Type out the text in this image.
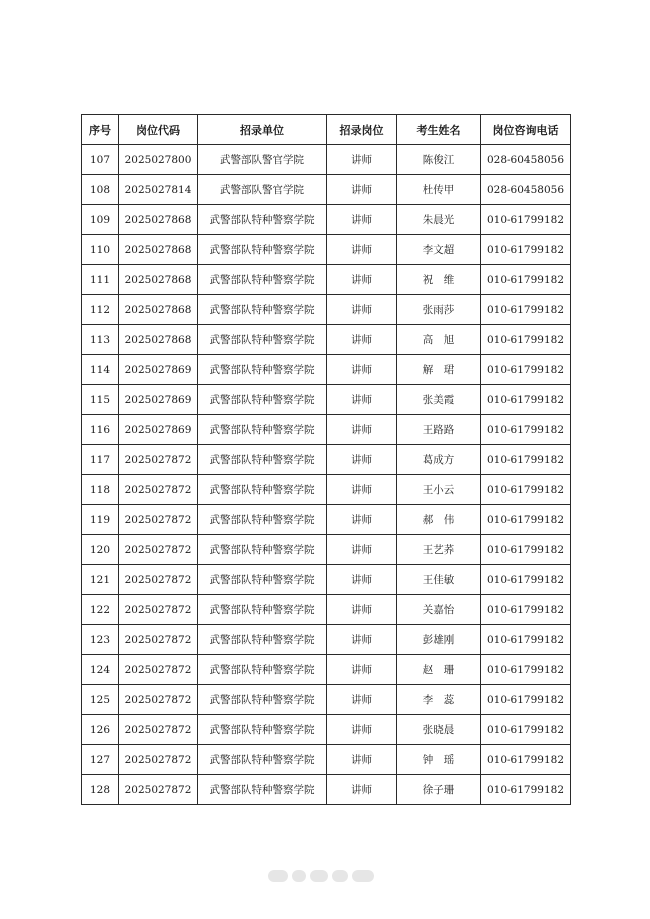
序号	岗位代码	招录单位	招录岗位	考生姓名	岗位咨询电话
107	2025027800	武警部队警官学院	讲师	陈俊江	028-60458056
108	2025027814	武警部队警官学院	讲师	杜传甲	028-60458056
109	2025027868	武警部队特种警察学院	讲师	朱晨光	010-61799182
110	2025027868	武警部队特种警察学院	讲师	李文超	010-61799182
111	2025027868	武警部队特种警察学院	讲师	祝　维	010-61799182
112	2025027868	武警部队特种警察学院	讲师	张雨莎	010-61799182
113	2025027868	武警部队特种警察学院	讲师	高　旭	010-61799182
114	2025027869	武警部队特种警察学院	讲师	解　珺	010-61799182
115	2025027869	武警部队特种警察学院	讲师	张美霞	010-61799182
116	2025027869	武警部队特种警察学院	讲师	王路路	010-61799182
117	2025027872	武警部队特种警察学院	讲师	葛成方	010-61799182
118	2025027872	武警部队特种警察学院	讲师	王小云	010-61799182
119	2025027872	武警部队特种警察学院	讲师	郝　伟	010-61799182
120	2025027872	武警部队特种警察学院	讲师	王艺荞	010-61799182
121	2025027872	武警部队特种警察学院	讲师	王佳敏	010-61799182
122	2025027872	武警部队特种警察学院	讲师	关嘉怡	010-61799182
123	2025027872	武警部队特种警察学院	讲师	彭雄刚	010-61799182
124	2025027872	武警部队特种警察学院	讲师	赵　珊	010-61799182
125	2025027872	武警部队特种警察学院	讲师	李　蕊	010-61799182
126	2025027872	武警部队特种警察学院	讲师	张晓晨	010-61799182
127	2025027872	武警部队特种警察学院	讲师	钟　瑶	010-61799182
128	2025027872	武警部队特种警察学院	讲师	徐子珊	010-61799182
